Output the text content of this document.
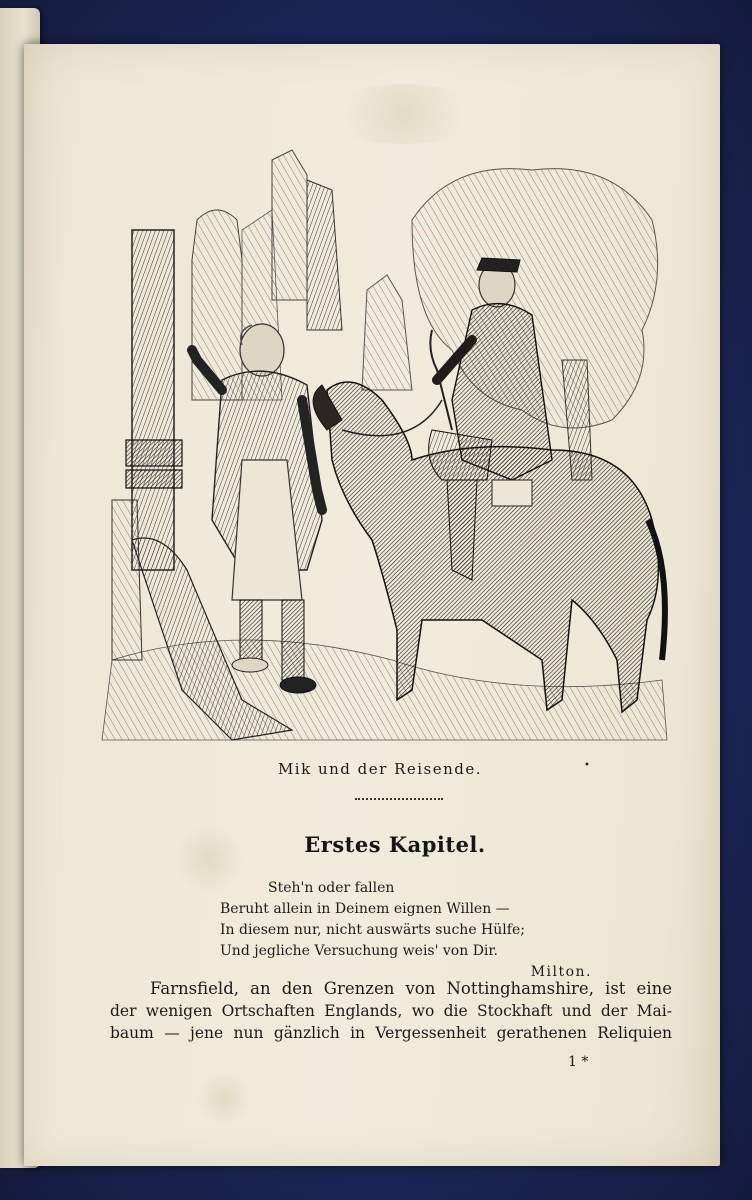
Mik und der Reisende.	•
Erstes Kapitel.
Steh'n oder fallen
Beruht allein in Deinem eignen Willen —
In diesem nur, nicht auswärts suche Hülfe;
Und jegliche Versuchung weis' von Dir.
Milton.
Farnsfield, an den Grenzen von Nottinghamshire, ist eine
der wenigen Ortschaften Englands, wo die Stockhaft und der Mai-
baum — jene nun gänzlich in Vergessenheit gerathenen Reliquien
1 *
